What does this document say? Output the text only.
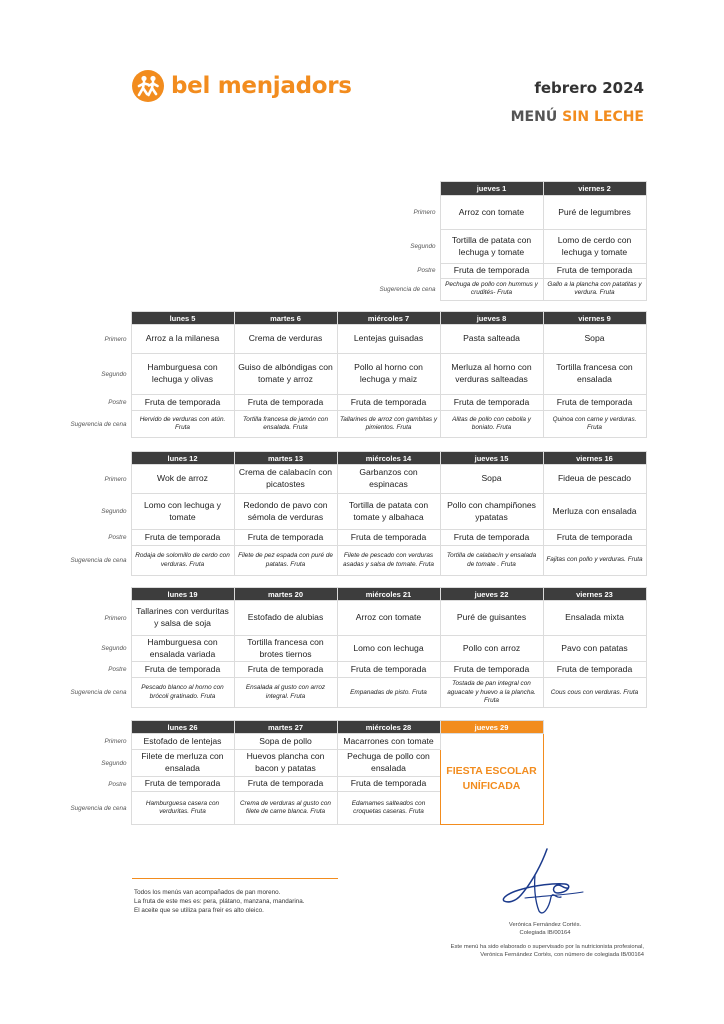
bel menjadors	febrero 2024
MENÚ SIN LECHE
	jueves 1	viernes 2
Primero	Arroz con tomate	Puré de legumbres
Segundo	Tortilla de patata con lechuga y tomate	Lomo de cerdo con lechuga y tomate
Postre	Fruta de temporada	Fruta de temporada
Sugerencia de cena	Pechuga de pollo con hummus y crudités- Fruta	Gallo a la plancha con patatitas y verdura. Fruta
	lunes 5	martes 6	miércoles 7	jueves 8	viernes 9
Primero	Arroz a la milanesa	Crema de verduras	Lentejas guisadas	Pasta salteada	Sopa
Segundo	Hamburguesa con lechuga y olivas	Guiso de albóndigas con tomate y arroz	Pollo al horno con lechuga y maiz	Merluza al horno con verduras salteadas	Tortilla francesa con ensalada
Postre	Fruta de temporada	Fruta de temporada	Fruta de temporada	Fruta de temporada	Fruta de temporada
Sugerencia de cena	Hervido de verduras con atún. Fruta	Tortilla francesa de jamón con ensalada. Fruta	Tallarines de arroz con gambitas y pimientos. Fruta	Alitas de pollo con cebolla y boniato. Fruta	Quinoa con carne y verduras. Fruta
	lunes 12	martes 13	miércoles 14	jueves 15	viernes 16
Primero	Wok de arroz	Crema de calabacín con picatostes	Garbanzos con espinacas	Sopa	Fideua de pescado
Segundo	Lomo con lechuga y tomate	Redondo de pavo con sémola de verduras	Tortilla de patata con tomate y albahaca	Pollo con champiñones ypatatas	Merluza con ensalada
Postre	Fruta de temporada	Fruta de temporada	Fruta de temporada	Fruta de temporada	Fruta de temporada
Sugerencia de cena	Rodaja de solomillo de cerdo con verduras. Fruta	Filete de pez espada con puré de patatas. Fruta	Filete de pescado con verduras asadas y salsa de tomate. Fruta	Tortilla de calabacín y ensalada de tomate . Fruta	Fajitas con pollo y verduras. Fruta
	lunes 19	martes 20	miércoles 21	jueves 22	viernes 23
Primero	Tallarines con verduritas y salsa de soja	Estofado de alubias	Arroz con tomate	Puré de guisantes	Ensalada mixta
Segundo	Hamburguesa con ensalada variada	Tortilla francesa con brotes tiernos	Lomo con lechuga	Pollo con arroz	Pavo con patatas
Postre	Fruta de temporada	Fruta de temporada	Fruta de temporada	Fruta de temporada	Fruta de temporada
Sugerencia de cena	Pescado blanco al horno con brócoli gratinado. Fruta	Ensalada al gusto con arroz integral. Fruta	Empanadas de pisto. Fruta	Tostada de pan integral con aguacate y huevo a la plancha. Fruta	Cous cous con verduras. Fruta
	lunes 26	martes 27	miércoles 28	jueves 29
Primero	Estofado de lentejas	Sopa de pollo	Macarrones con tomate	FIESTA ESCOLAR
UNÍFICADA

Segundo	Filete de merluza con ensalada	Huevos plancha con bacon y patatas	Pechuga de pollo con ensalada	
Postre	Fruta de temporada	Fruta de temporada	Fruta de temporada	
Sugerencia de cena	Hamburguesa casera con verduritas. Fruta	Crema de verduras al gusto con filete de carne blanca. Fruta	Edamames salteados con croquetas caseras. Fruta	
Todos los menús van acompañados de pan moreno.
La fruta de este mes es: pera, plátano, manzana, mandarina.
El aceite que se utiliza para freir es alto oleico.
Verónica Fernández Cortés.
Colegiada IB/00164
Este menú ha sido elaborado o supervisado por la nutricionista profesional,
Verónica Fernández Cortés, con número de colegiada IB/00164
